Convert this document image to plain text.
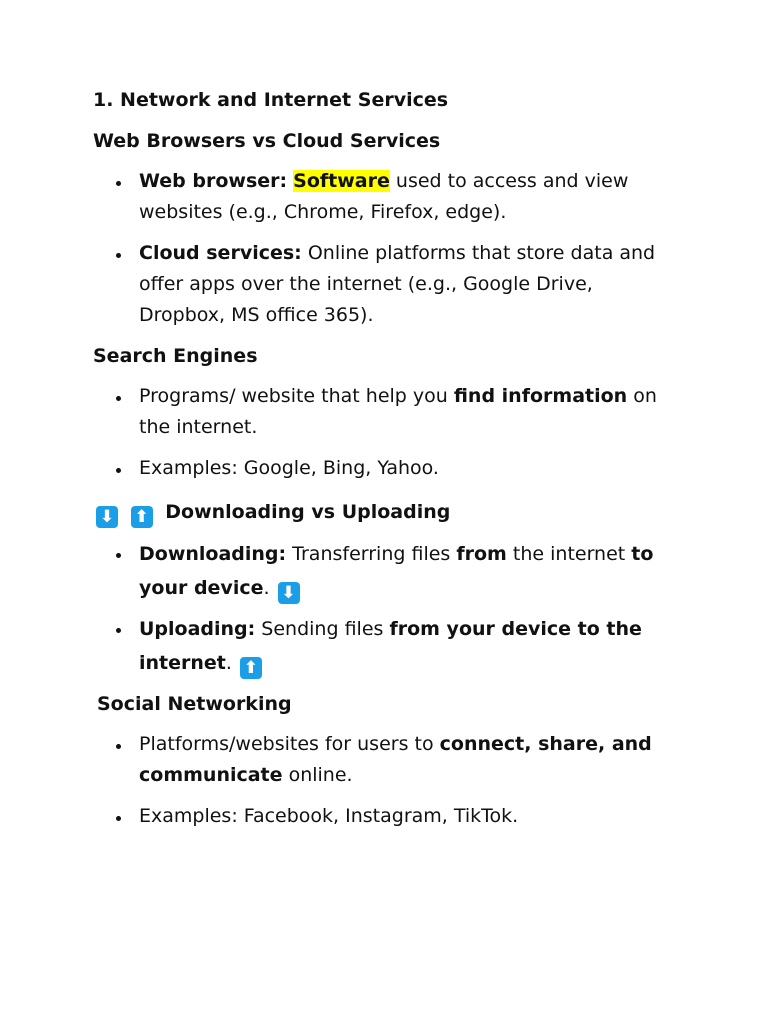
1. Network and Internet Services
Web Browsers vs Cloud Services
Web browser: Software used to access and view websites (e.g., Chrome, Firefox, edge).
Cloud services: Online platforms that store data and offer apps over the internet (e.g., Google Drive, Dropbox, MS office 365).
Search Engines
Programs/ website that help you find information on the internet.
Examples: Google, Bing, Yahoo.
⬇ ⬆ Downloading vs Uploading
Downloading: Transferring files from the internet to your device. ⬇
Uploading: Sending files from your device to the internet. ⬆
Social Networking
Platforms/websites for users to connect, share, and communicate online.
Examples: Facebook, Instagram, TikTok.
